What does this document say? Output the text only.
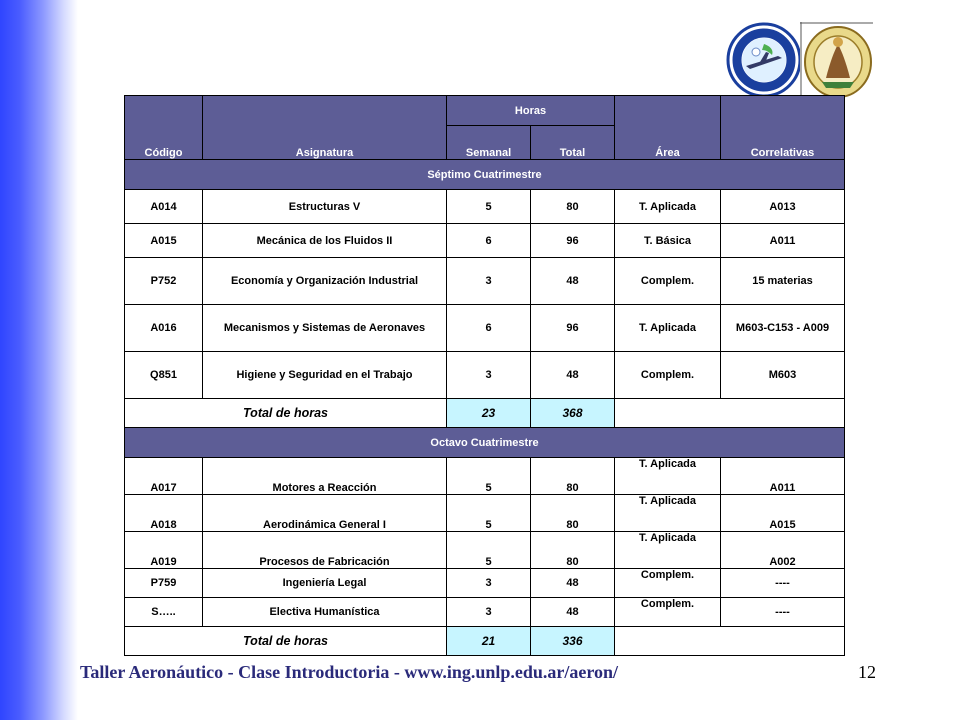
Código	Asignatura	Horas		Área	Correlativas
		Semanal	Total		
Séptimo Cuatrimestre					
A014	Estructuras V	5	80	T. Aplicada	A013
A015	Mecánica de los Fluidos II	6	96	T. Básica	A011
P752	Economía y Organización Industrial	3	48	Complem.	15 materias
A016	Mecanismos y Sistemas de Aeronaves	6	96	T. Aplicada	M603-C153 - A009
Q851	Higiene y Seguridad en el Trabajo	3	48	Complem.	M603
Total de horas		23	368		
Octavo Cuatrimestre					
A017	Motores a Reacción	5	80	T. Aplicada	A011
A018	Aerodinámica General I	5	80	T. Aplicada	A015
A019	Procesos de Fabricación	5	80	T. Aplicada	A002
P759	Ingeniería Legal	3	48	Complem.	----
S…..	Electiva Humanística	3	48	Complem.	----
Total de horas		21	336		
Taller Aeronáutico - Clase Introductoria - www.ing.unlp.edu.ar/aeron/	12
